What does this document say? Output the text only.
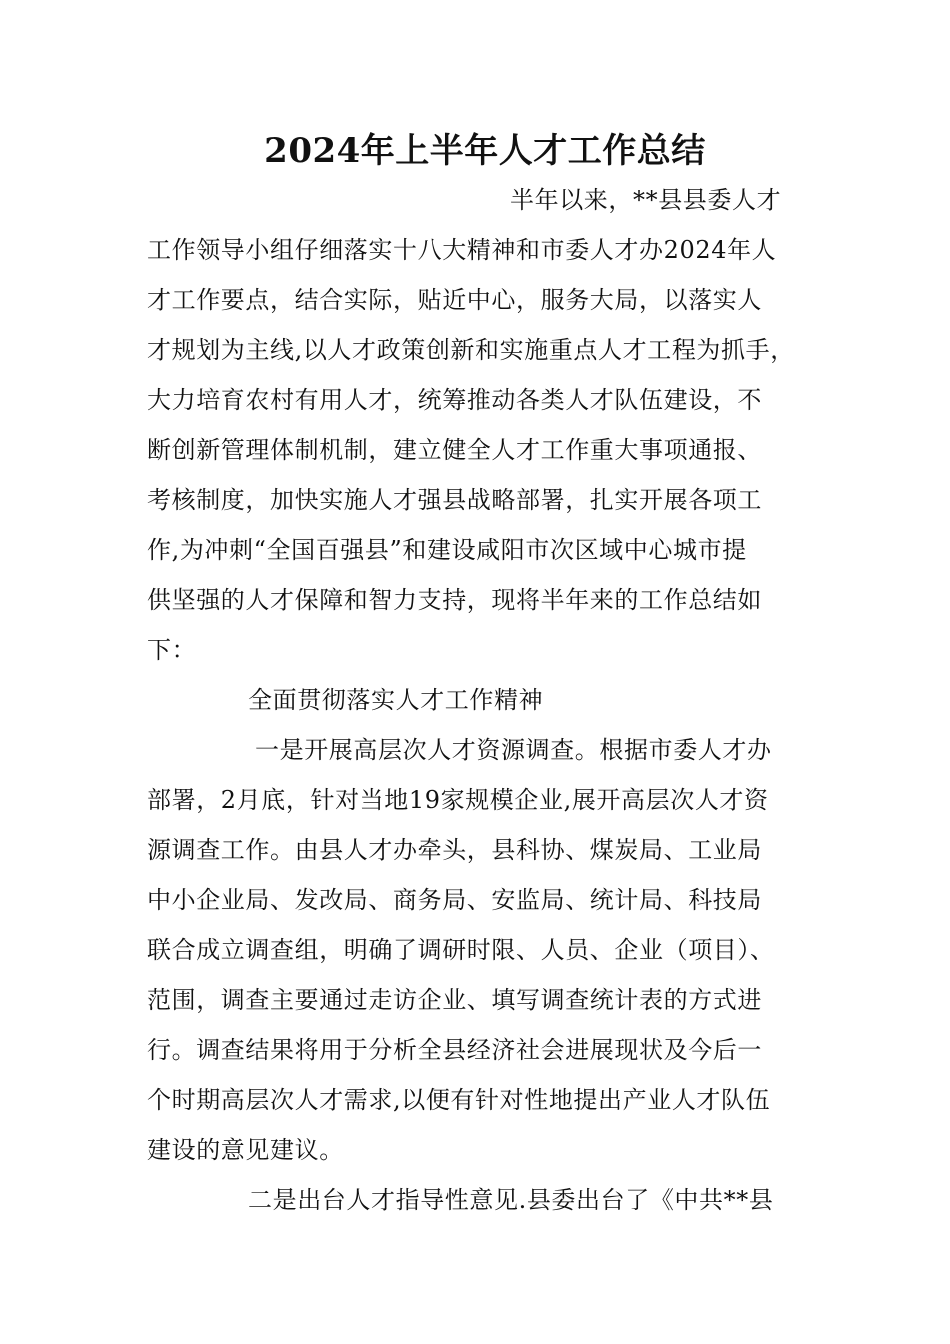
2024年上半年人才工作总结
半年以来，**县县委人才
工作领导小组仔细落实十八大精神和市委人才办2024年人
才工作要点，结合实际，贴近中心，服务大局，以落实人
才规划为主线,以人才政策创新和实施重点人才工程为抓手，
大力培育农村有用人才，统筹推动各类人才队伍建设，不
断创新管理体制机制，建立健全人才工作重大事项通报、
考核制度，加快实施人才强县战略部署，扎实开展各项工
作,为冲刺“全国百强县”和建设咸阳市次区域中心城市提
供坚强的人才保障和智力支持，现将半年来的工作总结如
下：
全面贯彻落实人才工作精神
一是开展高层次人才资源调查。根据市委人才办
部署，2月底，针对当地19家规模企业,展开高层次人才资
源调查工作。由县人才办牵头，县科协、煤炭局、工业局
中小企业局、发改局、商务局、安监局、统计局、科技局
联合成立调查组，明确了调研时限、人员、企业（项目）、
范围，调查主要通过走访企业、填写调查统计表的方式进
行。调查结果将用于分析全县经济社会进展现状及今后一
个时期高层次人才需求,以便有针对性地提出产业人才队伍
建设的意见建议。
二是出台人才指导性意见.县委出台了《中共**县
